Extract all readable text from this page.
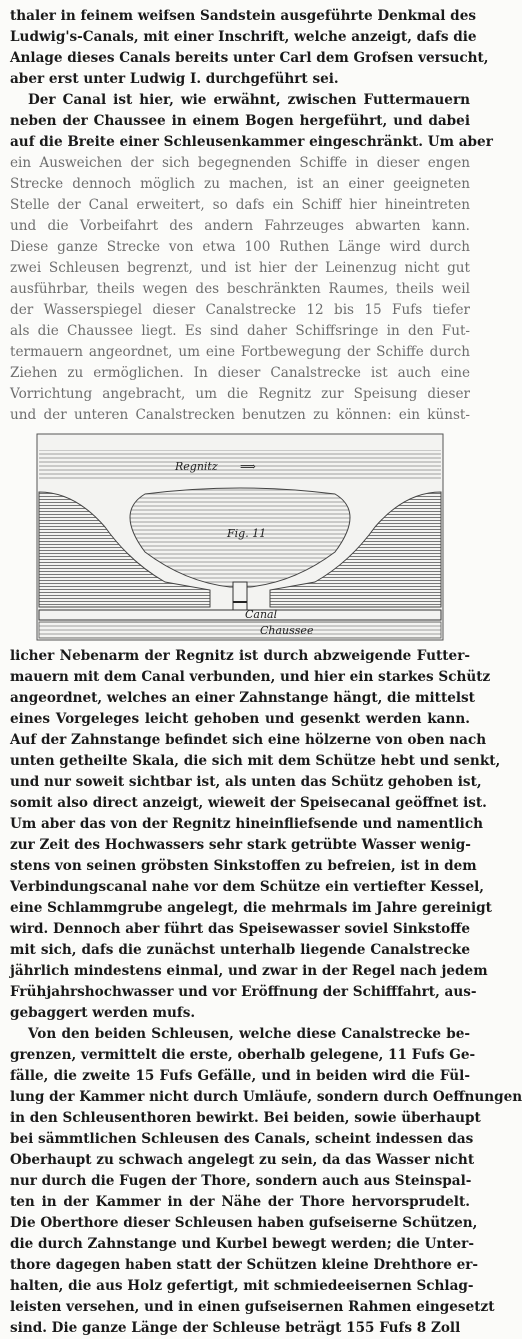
thaler in feinem weifsen Sandstein ausgeführte Denkmal des
Ludwig's-Canals, mit einer Inschrift, welche anzeigt, dafs die
Anlage dieses Canals bereits unter Carl dem Grofsen versucht,
aber erst unter Ludwig I. durchgeführt sei.
Der Canal ist hier, wie erwähnt, zwischen Futtermauern
neben der Chaussee in einem Bogen hergeführt, und dabei
auf die Breite einer Schleusenkammer eingeschränkt. Um aber
ein Ausweichen der sich begegnenden Schiffe in dieser engen
Strecke dennoch möglich zu machen, ist an einer geeigneten
Stelle der Canal erweitert, so dafs ein Schiff hier hineintreten
und die Vorbeifahrt des andern Fahrzeuges abwarten kann.
Diese ganze Strecke von etwa 100 Ruthen Länge wird durch
zwei Schleusen begrenzt, und ist hier der Leinenzug nicht gut
ausführbar, theils wegen des beschränkten Raumes, theils weil
der Wasserspiegel dieser Canalstrecke 12 bis 15 Fufs tiefer
als die Chaussee liegt. Es sind daher Schiffsringe in den Fut-
termauern angeordnet, um eine Fortbewegung der Schiffe durch
Ziehen zu ermöglichen. In dieser Canalstrecke ist auch eine
Vorrichtung angebracht, um die Regnitz zur Speisung dieser
und der unteren Canalstrecken benutzen zu können: ein künst-
Regnitz ⟹
Fig. 11
Canal
Chaussee
licher Nebenarm der Regnitz ist durch abzweigende Futter-
mauern mit dem Canal verbunden, und hier ein starkes Schütz
angeordnet, welches an einer Zahnstange hängt, die mittelst
eines Vorgeleges leicht gehoben und gesenkt werden kann.
Auf der Zahnstange befindet sich eine hölzerne von oben nach
unten getheilte Skala, die sich mit dem Schütze hebt und senkt,
und nur soweit sichtbar ist, als unten das Schütz gehoben ist,
somit also direct anzeigt, wieweit der Speisecanal geöffnet ist.
Um aber das von der Regnitz hineinfliefsende und namentlich
zur Zeit des Hochwassers sehr stark getrübte Wasser wenig-
stens von seinen gröbsten Sinkstoffen zu befreien, ist in dem
Verbindungscanal nahe vor dem Schütze ein vertiefter Kessel,
eine Schlammgrube angelegt, die mehrmals im Jahre gereinigt
wird. Dennoch aber führt das Speisewasser soviel Sinkstoffe
mit sich, dafs die zunächst unterhalb liegende Canalstrecke
jährlich mindestens einmal, und zwar in der Regel nach jedem
Frühjahrshochwasser und vor Eröffnung der Schifffahrt, aus-
gebaggert werden mufs.
Von den beiden Schleusen, welche diese Canalstrecke be-
grenzen, vermittelt die erste, oberhalb gelegene, 11 Fufs Ge-
fälle, die zweite 15 Fufs Gefälle, und in beiden wird die Fül-
lung der Kammer nicht durch Umläufe, sondern durch Oeffnungen
in den Schleusenthoren bewirkt. Bei beiden, sowie überhaupt
bei sämmtlichen Schleusen des Canals, scheint indessen das
Oberhaupt zu schwach angelegt zu sein, da das Wasser nicht
nur durch die Fugen der Thore, sondern auch aus Steinspal-
ten in der Kammer in der Nähe der Thore hervorsprudelt.
Die Oberthore dieser Schleusen haben gufseiserne Schützen,
die durch Zahnstange und Kurbel bewegt werden; die Unter-
thore dagegen haben statt der Schützen kleine Drehthore er-
halten, die aus Holz gefertigt, mit schmiedeeisernen Schlag-
leisten versehen, und in einen gufseisernen Rahmen eingesetzt
sind. Die ganze Länge der Schleuse beträgt 155 Fufs 8 Zoll
